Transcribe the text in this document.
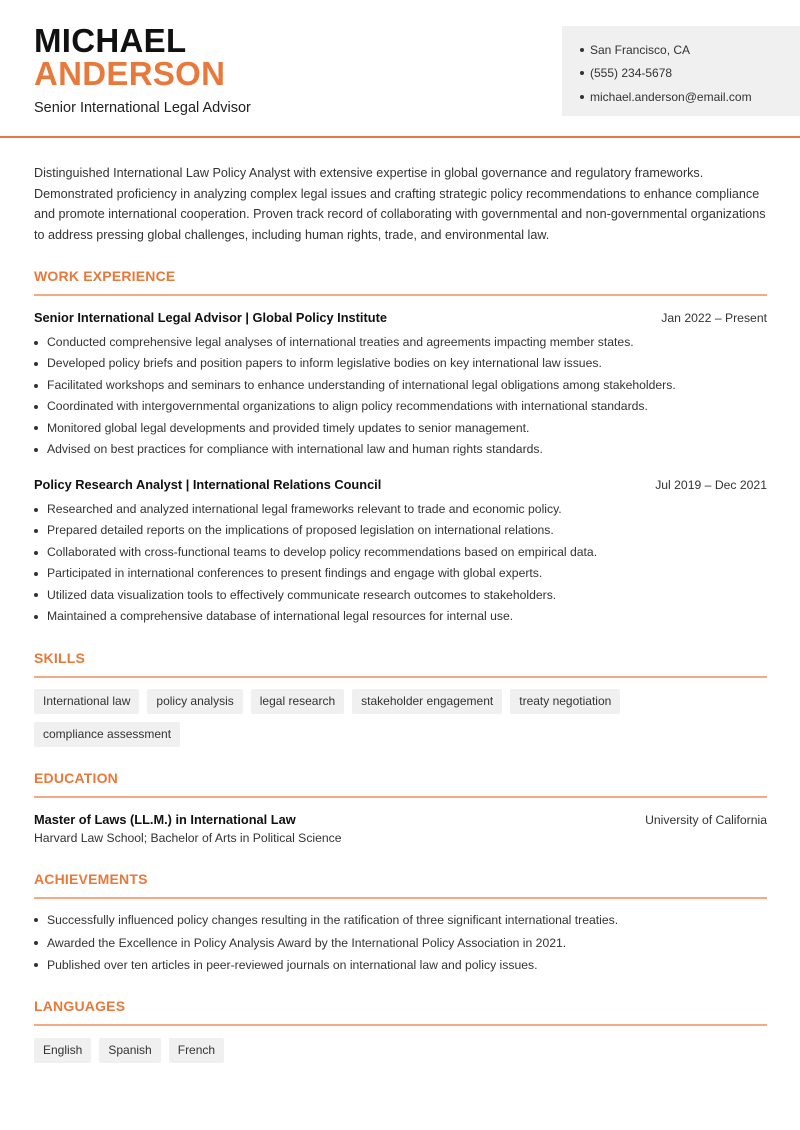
MICHAEL
ANDERSON
Senior International Legal Advisor
San Francisco, CA
(555) 234-5678
michael.anderson@email.com

Distinguished International Law Policy Analyst with extensive expertise in global governance and regulatory frameworks. Demonstrated proficiency in analyzing complex legal issues and crafting strategic policy recommendations to enhance compliance and promote international cooperation. Proven track record of collaborating with governmental and non-governmental organizations to address pressing global challenges, including human rights, trade, and environmental law.

WORK EXPERIENCE
Senior International Legal Advisor | Global Policy Institute	Jan 2022 – Present
Conducted comprehensive legal analyses of international treaties and agreements impacting member states.
Developed policy briefs and position papers to inform legislative bodies on key international law issues.
Facilitated workshops and seminars to enhance understanding of international legal obligations among stakeholders.
Coordinated with intergovernmental organizations to align policy recommendations with international standards.
Monitored global legal developments and provided timely updates to senior management.
Advised on best practices for compliance with international law and human rights standards.
Policy Research Analyst | International Relations Council	Jul 2019 – Dec 2021
Researched and analyzed international legal frameworks relevant to trade and economic policy.
Prepared detailed reports on the implications of proposed legislation on international relations.
Collaborated with cross-functional teams to develop policy recommendations based on empirical data.
Participated in international conferences to present findings and engage with global experts.
Utilized data visualization tools to effectively communicate research outcomes to stakeholders.
Maintained a comprehensive database of international legal resources for internal use.
SKILLS
International law	policy analysis	legal research	stakeholder engagement	treaty negotiation
compliance assessment
EDUCATION
Master of Laws (LL.M.) in International Law	University of California
Harvard Law School; Bachelor of Arts in Political Science
ACHIEVEMENTS
Successfully influenced policy changes resulting in the ratification of three significant international treaties.
Awarded the Excellence in Policy Analysis Award by the International Policy Association in 2021.
Published over ten articles in peer-reviewed journals on international law and policy issues.
LANGUAGES
English	Spanish	French
